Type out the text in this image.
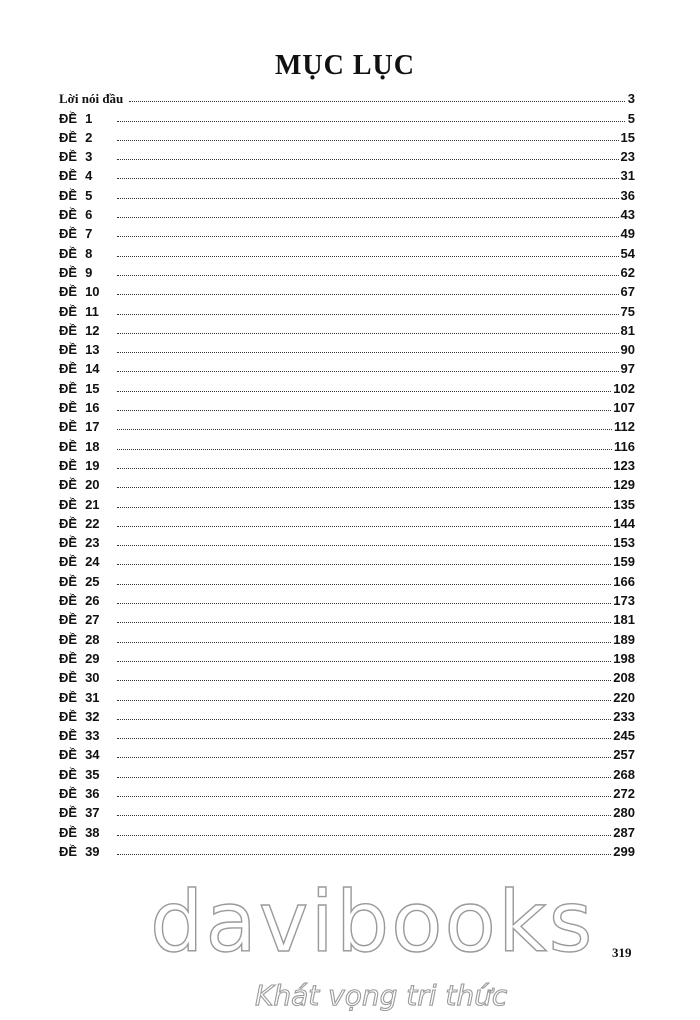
MỤC LỤC
Lời nói đầu	3
ĐỀ 1	5
ĐỀ 2	15
ĐỀ 3	23
ĐỀ 4	31
ĐỀ 5	36
ĐỀ 6	43
ĐỀ 7	49
ĐỀ 8	54
ĐỀ 9	62
ĐỀ 10	67
ĐỀ 11	75
ĐỀ 12	81
ĐỀ 13	90
ĐỀ 14	97
ĐỀ 15	102
ĐỀ 16	107
ĐỀ 17	112
ĐỀ 18	116
ĐỀ 19	123
ĐỀ 20	129
ĐỀ 21	135
ĐỀ 22	144
ĐỀ 23	153
ĐỀ 24	159
ĐỀ 25	166
ĐỀ 26	173
ĐỀ 27	181
ĐỀ 28	189
ĐỀ 29	198
ĐỀ 30	208
ĐỀ 31	220
ĐỀ 32	233
ĐỀ 33	245
ĐỀ 34	257
ĐỀ 35	268
ĐỀ 36	272
ĐỀ 37	280
ĐỀ 38	287
ĐỀ 39	299
319
davibooks
Khát vọng tri thức
